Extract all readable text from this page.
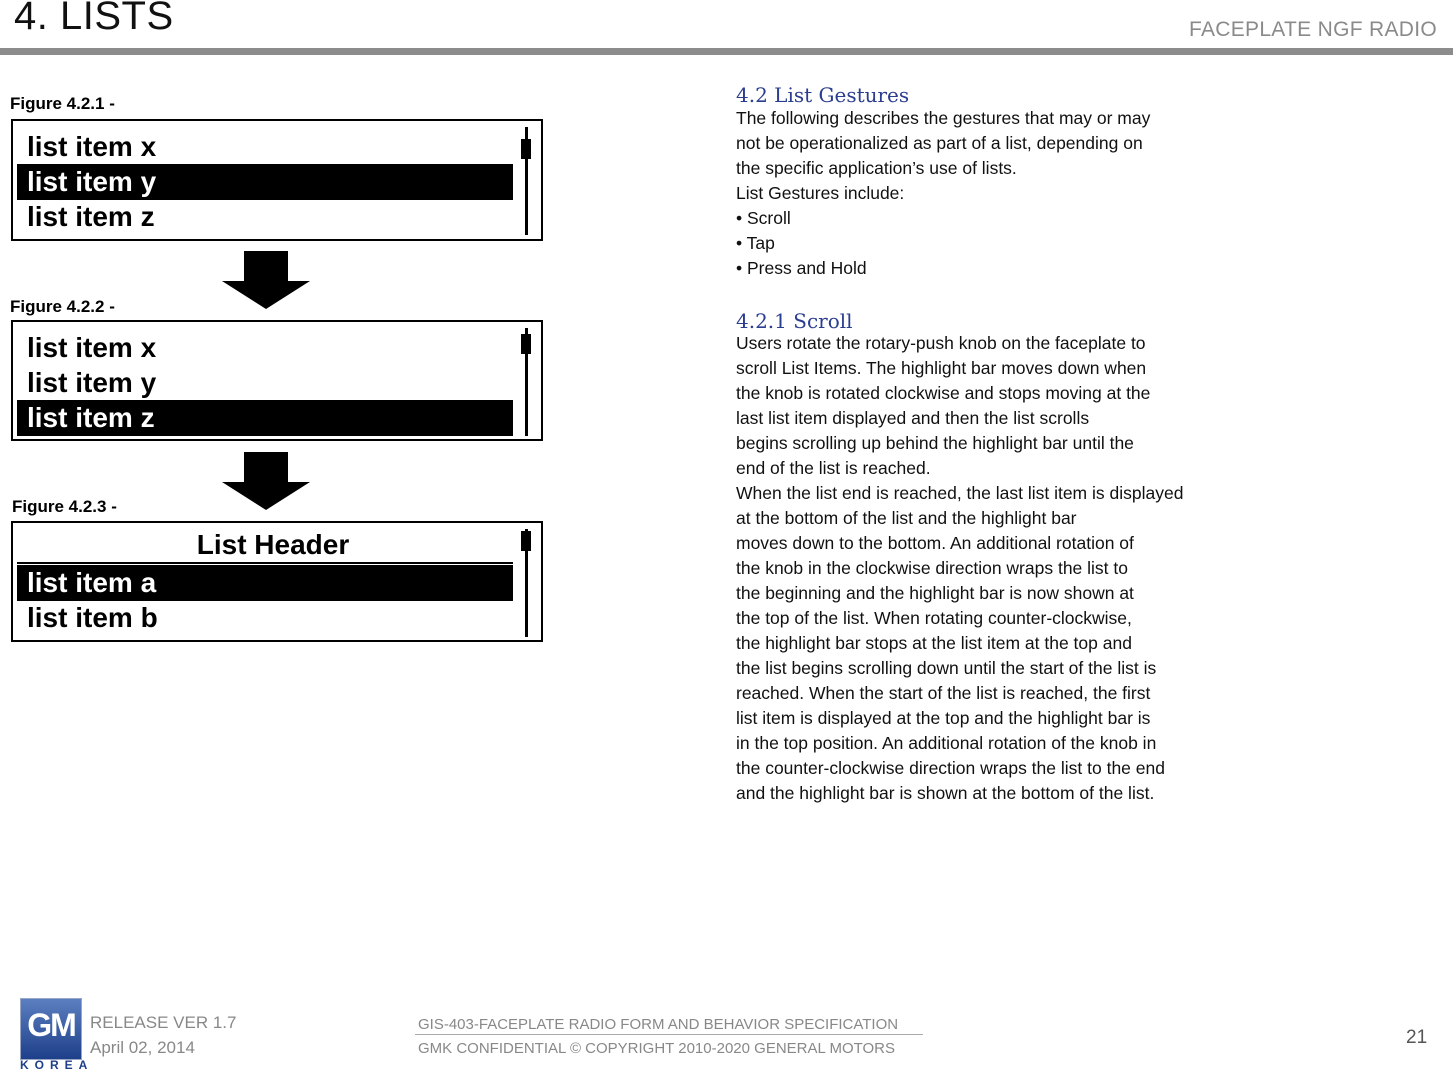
4. LISTS	FACEPLATE NGF RADIO
Figure 4.2.1 -
list item x
list item y
list item z
Figure 4.2.2 -
list item x
list item y
list item z
Figure 4.2.3 -
List Header
list item a
list item b
4.2 List Gestures
The following describes the gestures that may or may
not be operationalized as part of a list, depending on
the specific application’s use of lists.
List Gestures include:
• Scroll
• Tap
• Press and Hold
4.2.1 Scroll
Users rotate the rotary-push knob on the faceplate to
scroll List Items. The highlight bar moves down when
the knob is rotated clockwise and stops moving at the
last list item displayed and then the list scrolls
begins scrolling up behind the highlight bar until the
end of the list is reached.
When the list end is reached, the last list item is displayed
at the bottom of the list and the highlight bar
moves down to the bottom. An additional rotation of
the knob in the clockwise direction wraps the list to
the beginning and the highlight bar is now shown at
the top of the list. When rotating counter-clockwise,
the highlight bar stops at the list item at the top and
the list begins scrolling down until the start of the list is
reached. When the start of the list is reached, the first
list item is displayed at the top and the highlight bar is
in the top position. An additional rotation of the knob in
the counter-clockwise direction wraps the list to the end
and the highlight bar is shown at the bottom of the list.
GM
KOREA
RELEASE VER 1.7
April 02, 2014
GIS-403-FACEPLATE RADIO FORM AND BEHAVIOR SPECIFICATION
GMK CONFIDENTIAL © COPYRIGHT 2010-2020 GENERAL MOTORS
21
